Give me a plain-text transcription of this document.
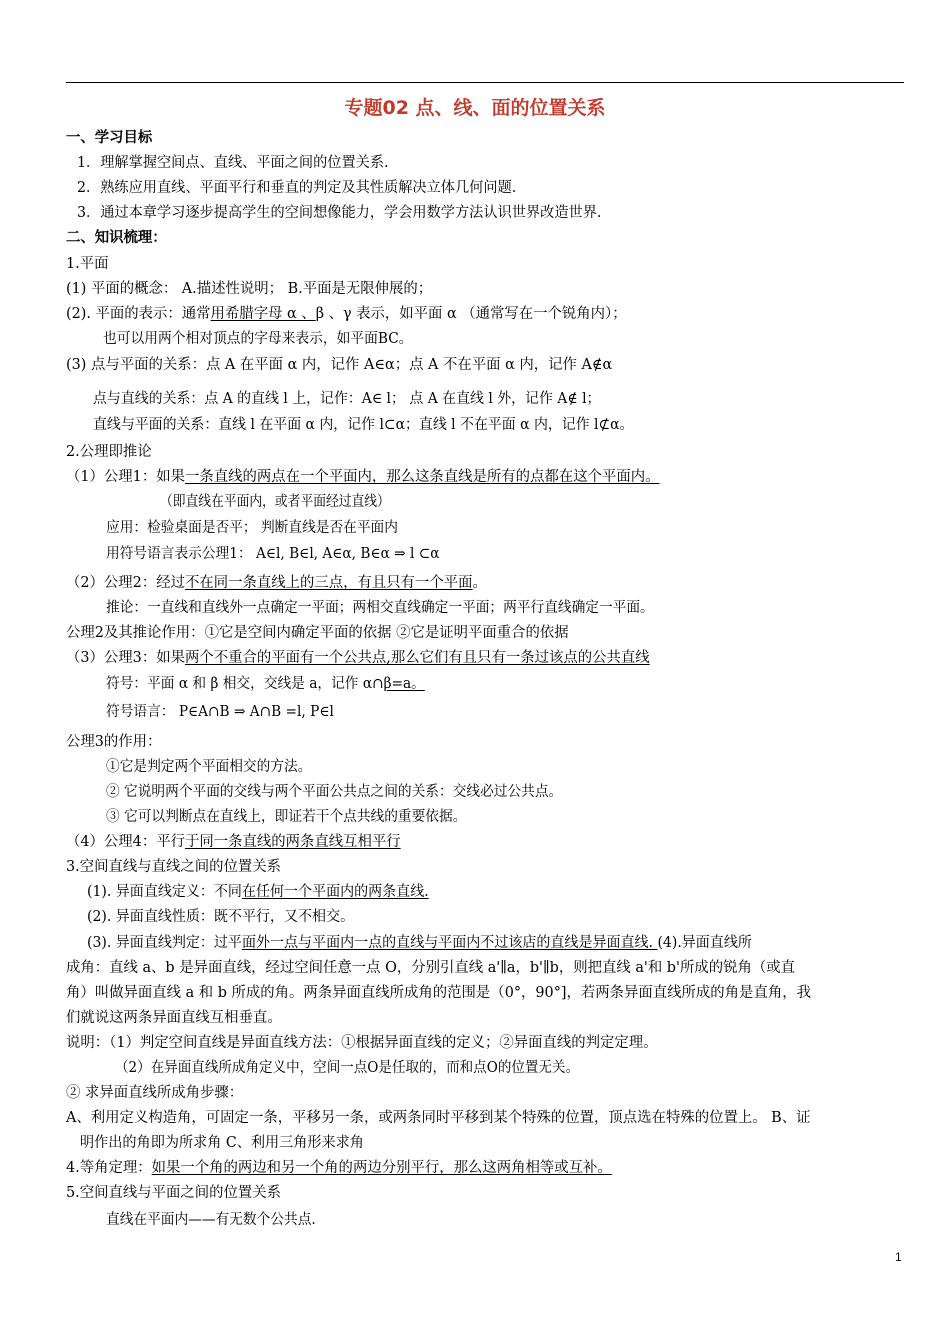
专题02 点、线、面的位置关系
一、学习目标
1．理解掌握空间点、直线、平面之间的位置关系.
2．熟练应用直线、平面平行和垂直的判定及其性质解决立体几何问题.
3．通过本章学习逐步提高学生的空间想像能力，学会用数学方法认识世界改造世界.
二、知识梳理：
1.平面
(1) 平面的概念： A.描述性说明； B.平面是无限伸展的；
(2). 平面的表示：通常用希腊字母 α 、β 、γ 表示，如平面 α （通常写在一个锐角内）；
也可以用两个相对顶点的字母来表示，如平面BC。
(3) 点与平面的关系：点 A 在平面 α 内，记作 A∈α；点 A 不在平面 α 内，记作 A∉α
点与直线的关系：点 A 的直线 l 上，记作：A∈ l； 点 A 在直线 l 外，记作 A∉ l；
直线与平面的关系：直线 l 在平面 α 内，记作 l⊂α；直线 l 不在平面 α 内，记作 l⊄α。
2.公理即推论
（1）公理1：如果一条直线的两点在一个平面内，那么这条直线是所有的点都在这个平面内。
（即直线在平面内，或者平面经过直线）
应用：检验桌面是否平； 判断直线是否在平面内
用符号语言表示公理1： A∈l, B∈l, A∈α, B∈α ⇒ l ⊂α
（2）公理2：经过不在同一条直线上的三点，有且只有一个平面。
推论：一直线和直线外一点确定一平面；两相交直线确定一平面；两平行直线确定一平面。
公理2及其推论作用：①它是空间内确定平面的依据 ②它是证明平面重合的依据
（3）公理3：如果两个不重合的平面有一个公共点,那么它们有且只有一条过该点的公共直线
符号：平面 α 和 β 相交，交线是 a，记作 α∩β=a。
符号语言： P∈A∩B ⇒ A∩B =l, P∈l
公理3的作用：
①它是判定两个平面相交的方法。
② 它说明两个平面的交线与两个平面公共点之间的关系：交线必过公共点。
③ 它可以判断点在直线上，即证若干个点共线的重要依据。
（4）公理4：平行于同一条直线的两条直线互相平行
3.空间直线与直线之间的位置关系
(1). 异面直线定义：不同在任何一个平面内的两条直线.
(2). 异面直线性质：既不平行，又不相交。
(3). 异面直线判定：过平面外一点与平面内一点的直线与平面内不过该店的直线是异面直线. (4).异面直线所
成角：直线 a、b 是异面直线，经过空间任意一点 O，分别引直线 a'∥a，b'∥b，则把直线 a'和 b'所成的锐角（或直
角）叫做异面直线 a 和 b 所成的角。两条异面直线所成角的范围是（0°，90°]，若两条异面直线所成的角是直角，我
们就说这两条异面直线互相垂直。
说明：（1）判定空间直线是异面直线方法：①根据异面直线的定义；②异面直线的判定定理。
（2）在异面直线所成角定义中，空间一点O是任取的，而和点O的位置无关。
② 求异面直线所成角步骤：
A、利用定义构造角，可固定一条，平移另一条，或两条同时平移到某个特殊的位置，顶点选在特殊的位置上。 B、证
明作出的角即为所求角 C、利用三角形来求角
4.等角定理：如果一个角的两边和另一个角的两边分别平行，那么这两角相等或互补。
5.空间直线与平面之间的位置关系
直线在平面内——有无数个公共点.
1
